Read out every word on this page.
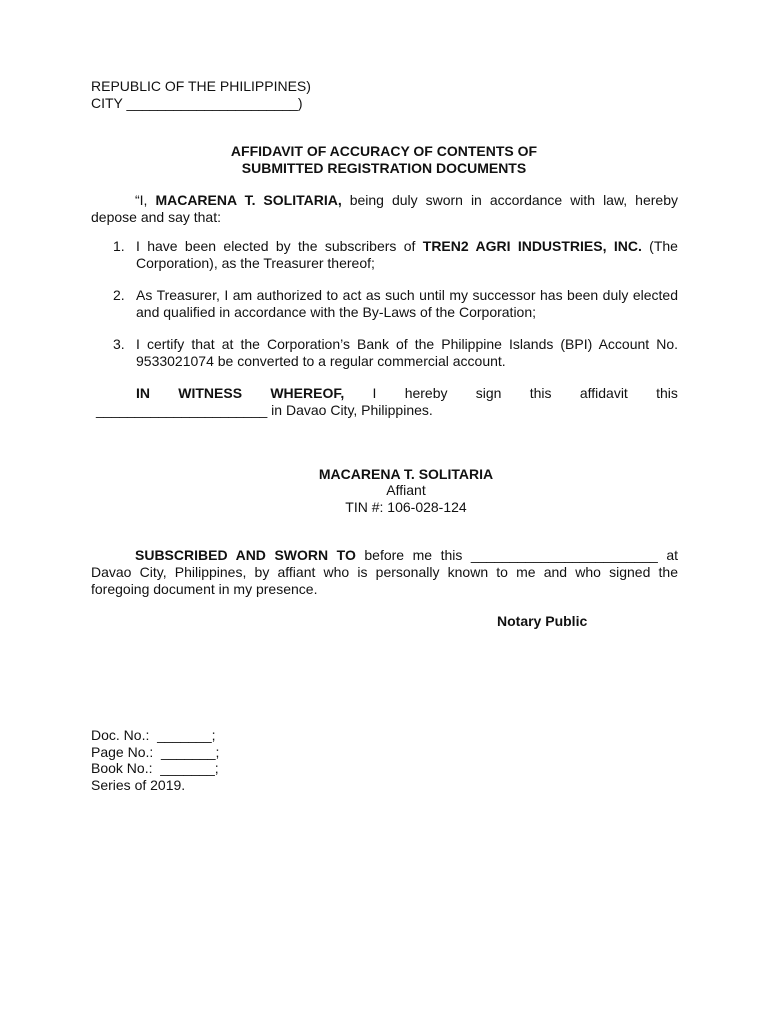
REPUBLIC OF THE PHILIPPINES)
CITY ______________________)
AFFIDAVIT OF ACCURACY OF CONTENTS OF
SUBMITTED REGISTRATION DOCUMENTS
“I, MACARENA T. SOLITARIA, being duly sworn in accordance with law, hereby depose and say that:
1. I have been elected by the subscribers of TREN2 AGRI INDUSTRIES, INC. (The Corporation), as the Treasurer thereof;
2. As Treasurer, I am authorized to act as such until my successor has been duly elected and qualified in accordance with the By-Laws of the Corporation;
3. I certify that at the Corporation’s Bank of the Philippine Islands (BPI) Account No. 9533021074 be converted to a regular commercial account.
IN WITNESS WHEREOF, I hereby sign this affidavit this
______________________ in Davao City, Philippines.
MACARENA T. SOLITARIA
Affiant
TIN #: 106-028-124
SUBSCRIBED AND SWORN TO before me this ________________________ at Davao City, Philippines, by affiant who is personally known to me and who signed the foregoing document in my presence.
Notary Public
Doc. No.:  _______;
Page No.:  _______;
Book No.:  _______;
Series of 2019.
